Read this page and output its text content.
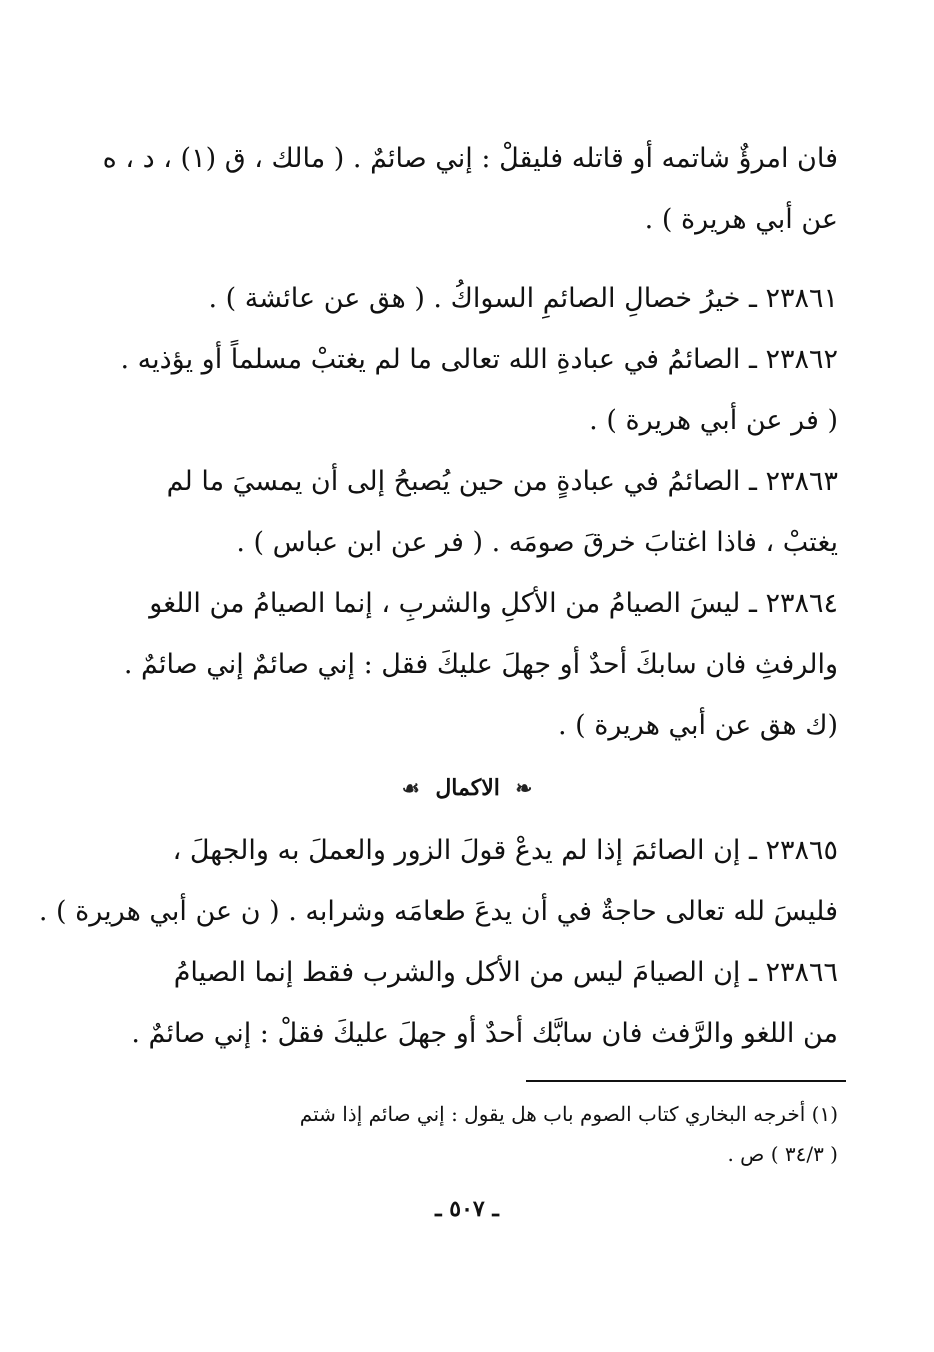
فان امرؤٌ شاتمه أو قاتله فليقلْ : إني صائمٌ . ( مالك ، ق (١) ، د ، ه
عن أبي هريرة ) .
٢٣٨٦١ ـ خيرُ خصالِ الصائمِ السواكُ . ( هق عن عائشة ) .
٢٣٨٦٢ ـ الصائمُ في عبادةِ الله تعالى ما لم يغتبْ مسلماً أو يؤذيه .
( فر عن أبي هريرة ) .
٢٣٨٦٣ ـ الصائمُ في عبادةٍ من حين يُصبحُ إلى أن يمسيَ ما لم
يغتبْ ، فاذا اغتابَ خرقَ صومَه . ( فر عن ابن عباس ) .
٢٣٨٦٤ ـ ليسَ الصيامُ من الأكلِ والشربِ ، إنما الصيامُ من اللغو
والرفثِ فان سابكَ أحدٌ أو جهلَ عليكَ فقل : إني صائمٌ إني صائمٌ .
(ك هق عن أبي هريرة ) .
❧ الاكمال ☙
٢٣٨٦٥ ـ إن الصائمَ إذا لم يدعْ قولَ الزور والعملَ به والجهلَ ،
فليسَ لله تعالى حاجةٌ في أن يدعَ طعامَه وشرابه . ( ن عن أبي هريرة ) .
٢٣٨٦٦ ـ إن الصيامَ ليس من الأكل والشرب فقط إنما الصيامُ
من اللغو والرَّفث فان سابَّك أحدٌ أو جهلَ عليكَ فقلْ : إني صائمٌ .
(١) أخرجه البخاري كتاب الصوم باب هل يقول : إني صائم إذا شتم
( ٣٤/٣ ) ص .
ـ ٥٠٧ ـ
